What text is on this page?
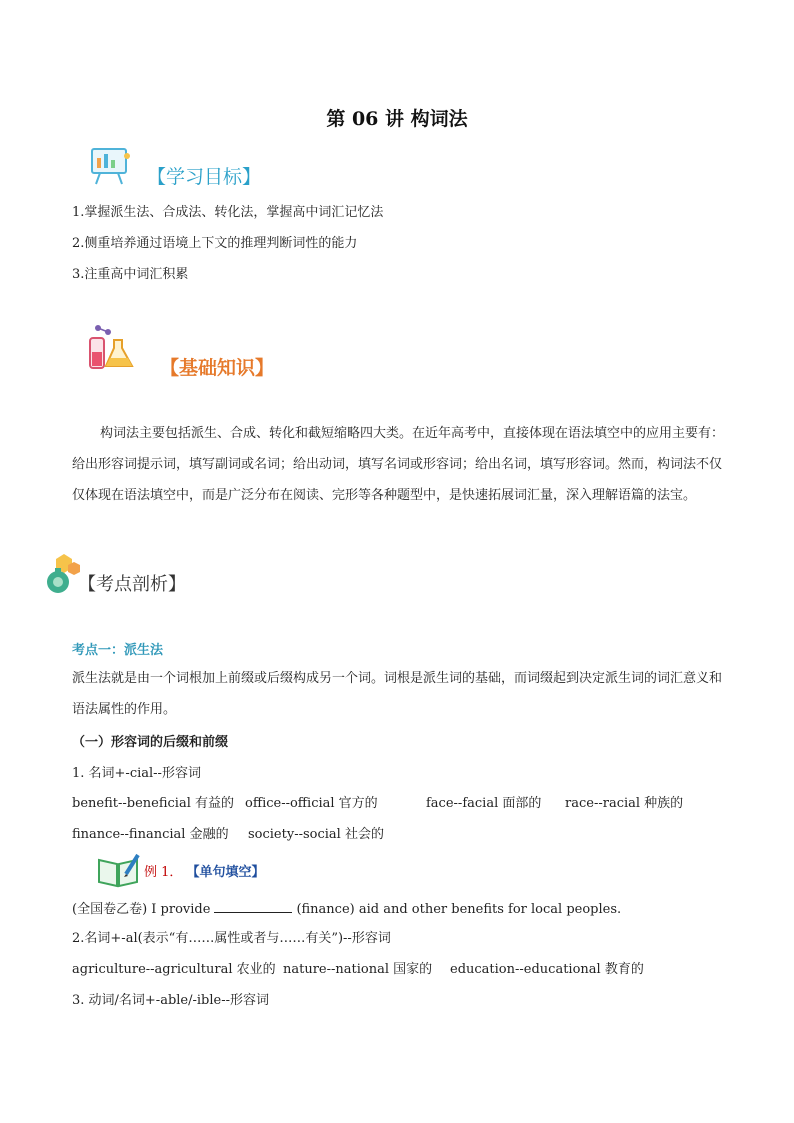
第 06 讲 构词法
【学习目标】
1.掌握派生法、合成法、转化法，掌握高中词汇记忆法
2.侧重培养通过语境上下文的推理判断词性的能力
3.注重高中词汇积累
【基础知识】
构词法主要包括派生、合成、转化和截短缩略四大类。在近年高考中，直接体现在语法填空中的应用主要有：给出形容词提示词，填写副词或名词；给出动词，填写名词或形容词；给出名词，填写形容词。然而，构词法不仅仅体现在语法填空中，而是广泛分布在阅读、完形等各种题型中，是快速拓展词汇量，深入理解语篇的法宝。
【考点剖析】
考点一：派生法
派生法就是由一个词根加上前缀或后缀构成另一个词。词根是派生词的基础，而词缀起到决定派生词的词汇意义和语法属性的作用。
（一）形容词的后缀和前缀
1. 名词+-cial--形容词
benefit--beneficial 有益的 office--official 官方的	face--facial 面部的 race--racial 种族的
finance--financial 金融的 society--social 社会的
例 1． 【单句填空】
(全国卷乙卷) I provide	(finance) aid and other benefits for local peoples.
2.名词+-al(表示“有……属性或者与……有关”)--形容词
agriculture--agricultural 农业的 nature--national 国家的 education--educational 教育的
3. 动词/名词+-able/-ible--形容词
